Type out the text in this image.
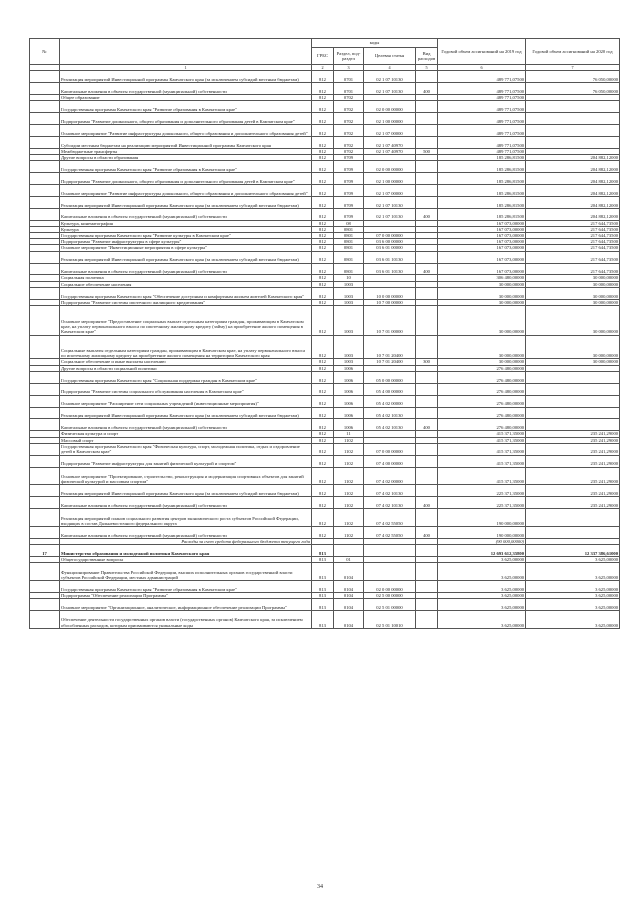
№		коды				Годовой объем ассигнований на 2019 год	Годовой объем ассигнований на 2020 год
		ГРБС	Раздел, под-раздел	Целевая статья	Вид расходов		
	1	2	3	4	5	6	7
	Реализация мероприятий Инвестиционной программы Камчатского края (за исключением субсидий местным бюджетам)	812	0701	02 1 07 10130		489 771,07500	76 050,00000
	Капитальные вложения в объекты государственной (муниципальной) собственности	812	0701	02 1 07 10130	400	489 771,07500	76 050,00000
	Общее образование	812	0702			489 771,07500	
	Государственная программа Камчатского края "Развитие образования в Камчатском крае"	812	0702	02 0 00 00000		489 771,07500	
	Подпрограмма "Развитие дошкольного, общего образования и дополнительного образования детей в Камчатском крае"	812	0702	02 1 00 00000		489 771,07500	
	Основное мероприятие "Развитие инфраструктуры дошкольного, общего образования и дополнительного образования детей"	812	0702	02 1 07 00000		489 771,07500	
	Субсидии местным бюджетам на реализацию мероприятий Инвестиционной программы Камчатского края	812	0702	02 1 07 40970		489 771,07500	
	Межбюджетные трансферты	812	0702	02 1 07 40970	500	489 771,07500	
	Другие вопросы в области образования	812	0709			185 286,81500	204 882,12000
	Государственная программа Камчатского края "Развитие образования в Камчатском крае"	812	0709	02 0 00 00000		185 286,81500	204 882,12000
	Подпрограмма "Развитие дошкольного, общего образования и дополнительного образования детей в Камчатском крае"	812	0709	02 1 00 00000		185 286,81500	204 882,12000
	Основное мероприятие "Развитие инфраструктуры дошкольного, общего образования и дополнительного образования детей"	812	0709	02 1 07 00000		185 286,81500	204 882,12000
	Реализация мероприятий Инвестиционной программы Камчатского края (за исключением субсидий местным бюджетам)	812	0709	02 1 07 10130		185 286,81500	204 882,12000
	Капитальные вложения в объекты государственной (муниципальной) собственности	812	0709	02 1 07 10130	400	185 286,81500	204 882,12000
	Культура, кинематография	812	08			167 073,00000	217 644,73500
	Культура	812	0801			167 073,00000	217 644,73500
	Государственная программа Камчатского края "Развитие культуры в Камчатском крае"	812	0801	07 0 00 00000		167 073,00000	217 644,73500
	Подпрограмма "Развитие инфраструктуры в сфере культуры"	812	0801	03 6 00 00000		167 073,00000	217 644,73500
	Основное мероприятие "Инвестиционные мероприятия в сфере культуры"	812	0801	03 6 01 00000		167 073,00000	217 644,73500
	Реализация мероприятий Инвестиционной программы Камчатского края (за исключением субсидий местным бюджетам)	812	0801	03 6 01 10130		167 073,00000	217 644,73500
	Капитальные вложения в объекты государственной (муниципальной) собственности	812	0801	03 6 01 10130	400	167 073,00000	217 644,73500
	Социальная политика	812	10			306 480,00000	30 000,00000
	Социальное обеспечение населения	812	1003			30 000,00000	30 000,00000
	Государственная программа Камчатского края "Обеспечение доступным и комфортным жильем жителей Камчатского края"	812	1003	10 0 00 00000		30 000,00000	30 000,00000
	Подпрограмма "Развитие системы ипотечного жилищного кредитования"	812	1003	10 7 00 00000		30 000,00000	30 000,00000
	Основное мероприятие "Предоставление социальных выплат отдельным категориям граждан, проживающим в Камчатском крае, на уплату первоначального взноса по ипотечному жилищному кредиту (займу) на приобретение жилого помещения в Камчатском крае"	812	1003	10 7 01 00000		30 000,00000	30 000,00000
	Социальные выплаты отдельным категориям граждан, проживающим в Камчатском крае, на уплату первоначального взноса по ипотечному жилищному кредиту на приобретение жилого помещения на территории Камчатского края	812	1003	10 7 01 20400		30 000,00000	30 000,00000
	Социальное обеспечение и иные выплаты населению	812	1003	10 7 01 20400	300	30 000,00000	30 000,00000
	Другие вопросы в области социальной политики	812	1006			276 480,00000	
	Государственная программа Камчатского края "Социальная поддержка граждан в Камчатском крае"	812	1006	05 0 00 00000		276 480,00000	
	Подпрограмма "Развитие системы социального обслуживания населения в Камчатском крае"	812	1006	05 4 00 00000		276 480,00000	
	Основное мероприятие "Расширение сети социальных учреждений (инвестиционные мероприятия)"	812	1006	05 4 02 00000		276 480,00000	
	Реализация мероприятий Инвестиционной программы Камчатского края (за исключением субсидий местным бюджетам)	812	1006	05 4 02 10130		276 480,00000	
	Капитальные вложения в объекты государственной (муниципальной) собственности	812	1006	05 4 02 10130	400	276 480,00000	
	Физическая культура и спорт	812	11			415 371,35000	235 241,29000
	Массовый спорт	812	1102			415 371,35000	235 241,29000
	Государственная программа Камчатского края "Физическая культура, спорт, молодежная политика, отдых и оздоровление детей в Камчатском крае"	812	1102	07 0 00 00000		415 371,35000	235 241,29000
	Подпрограмма "Развитие инфраструктуры для занятий физической культурой и спортом"	812	1102	07 4 00 00000		415 371,35000	235 241,29000
	Основное мероприятие "Проектирование, строительство, реконструкция и модернизация спортивных объектов для занятий физической культурой и массовым спортом"	812	1102	07 4 02 00000		415 371,35000	235 241,29000
	Реализация мероприятий Инвестиционной программы Камчатского края (за исключением субсидий местным бюджетам)	812	1102	07 4 02 10130		225 371,35000	235 241,29000
	Капитальные вложения в объекты государственной (муниципальной) собственности	812	1102	07 4 02 10130	400	225 371,35000	235 241,29000
	Реализация мероприятий планов социального развития центров экономического роста субъектов Российской Федерации, входящих в состав Дальневосточного федерального округа	812	1102	07 4 02 55050		190 000,00000	
	Капитальные вложения в объекты государственной (муниципальной) собственности	812	1102	07 4 02 55050	400	190 000,00000	
	Расходы за счет средств федерального бюджета текущего года					(90 000,00000)	
17	Министерство образования и молодежной политики Камчатского края	813				12 693 612,35800	12 337 386,61000
	Общегосударственные вопросы	813	01			3 625,00000	3 625,00000
	Функционирование Правительства Российской Федерации, высших исполнительных органов государственной власти субъектов Российской Федерации, местных администраций	813	0104			3 625,00000	3 625,00000
	Государственная программа Камчатского края "Развитие образования в Камчатском крае"	813	0104	02 0 00 00000		3 625,00000	3 625,00000
	Подпрограмма "Обеспечение реализации Программы"	813	0104	02 5 00 00000		3 625,00000	3 625,00000
	Основное мероприятие "Организационное, аналитическое, информационное обеспечение реализации Программы"	813	0104	02 5 01 00000		3 625,00000	3 625,00000
	Обеспечение деятельности государственных органов власти (государственных органов) Камчатского края, за исключением обособленных расходов, которым присваиваются уникальные коды	813	0104	02 5 01 10010		3 625,00000	3 625,00000
34
